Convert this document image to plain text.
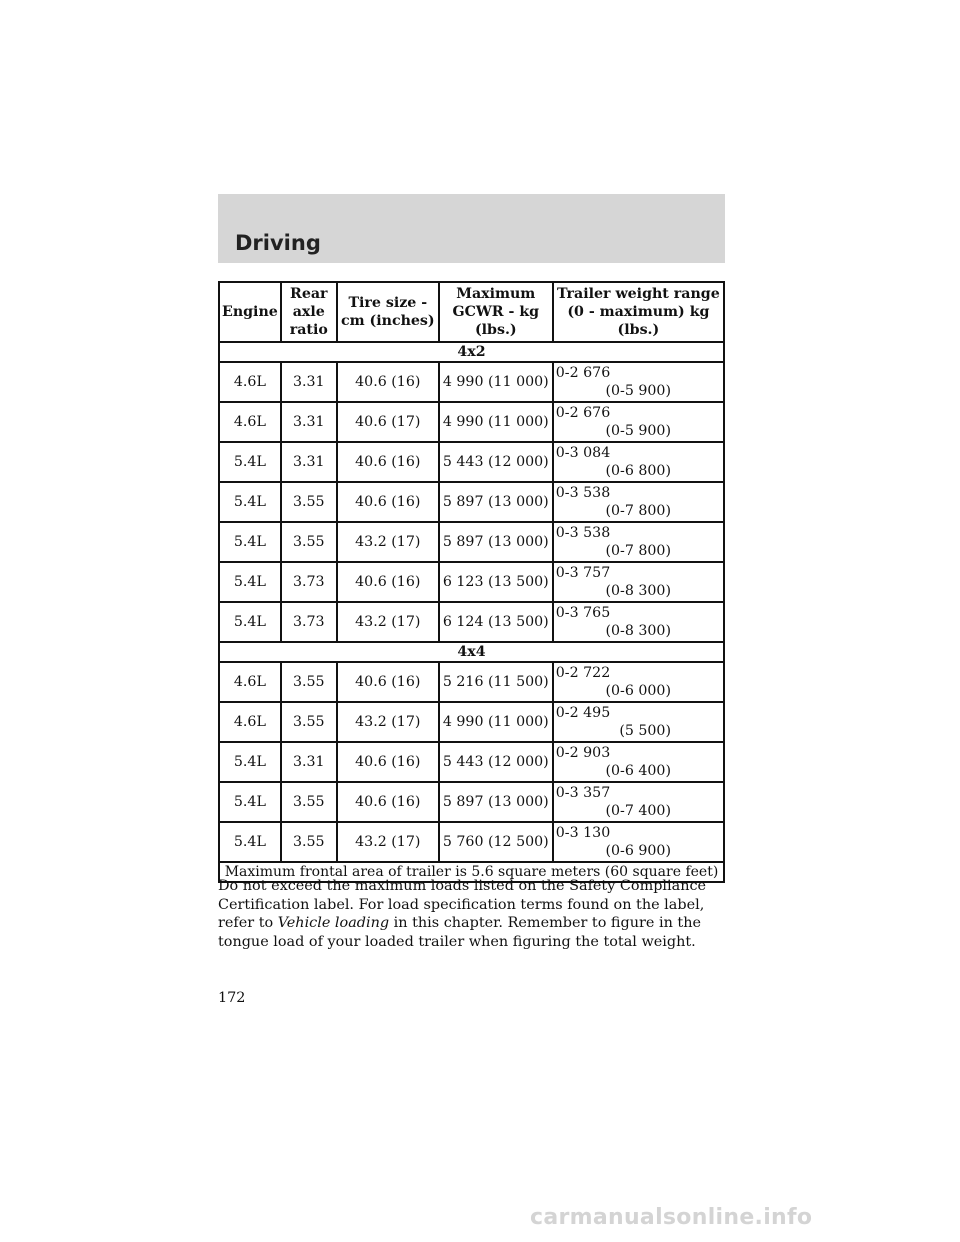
Driving
Engine	Rear axle ratio	Tire size - cm (inches)	Maximum GCWR - kg (lbs.)	Trailer weight range (0 - maximum) kg (lbs.)
4x2				
4.6L	3.31	40.6 (16)	4 990 (11 000)	0-2 676
(0-5 900)

4.6L	3.31	40.6 (17)	4 990 (11 000)	0-2 676
(0-5 900)

5.4L	3.31	40.6 (16)	5 443 (12 000)	0-3 084
(0-6 800)

5.4L	3.55	40.6 (16)	5 897 (13 000)	0-3 538
(0-7 800)

5.4L	3.55	43.2 (17)	5 897 (13 000)	0-3 538
(0-7 800)

5.4L	3.73	40.6 (16)	6 123 (13 500)	0-3 757
(0-8 300)

5.4L	3.73	43.2 (17)	6 124 (13 500)	0-3 765
(0-8 300)

4x4				
4.6L	3.55	40.6 (16)	5 216 (11 500)	0-2 722
(0-6 000)

4.6L	3.55	43.2 (17)	4 990 (11 000)	0-2 495
(5 500)

5.4L	3.31	40.6 (16)	5 443 (12 000)	0-2 903
(0-6 400)

5.4L	3.55	40.6 (16)	5 897 (13 000)	0-3 357
(0-7 400)

5.4L	3.55	43.2 (17)	5 760 (12 500)	0-3 130
(0-6 900)

Maximum frontal area of trailer is 5.6 square meters (60 square feet)				

Do not exceed the maximum loads listed on the Safety Compliance Certification label. For load specification terms found on the label, refer to Vehicle loading in this chapter. Remember to figure in the tongue load of your loaded trailer when figuring the total weight.

172
carmanualsonline.info
